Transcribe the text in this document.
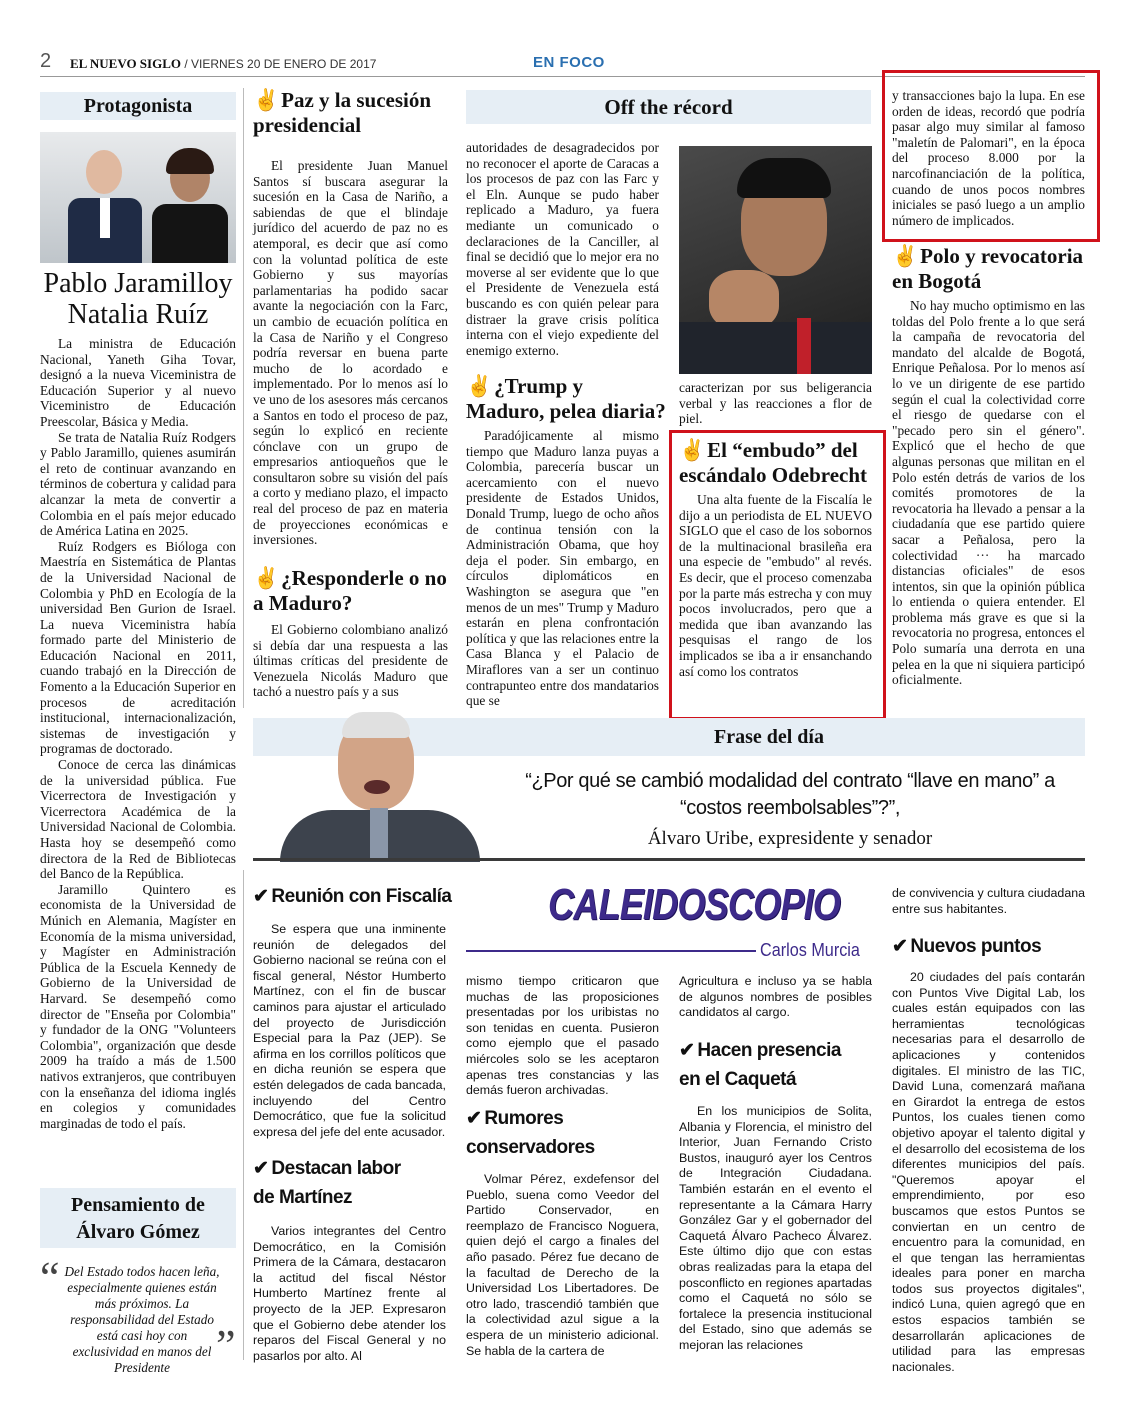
2 EL NUEVO SIGLO / VIERNES 20 DE ENERO DE 2017	EN FOCO
Protagonista
Pablo Jaramilloy Natalia Ruíz

La ministra de Educación Nacional, Yaneth Giha Tovar, designó a la nueva Viceministra de Educación Superior y al nuevo Viceministro de Educación Preescolar, Básica y Media.

Se trata de Natalia Ruíz Rodgers y Pablo Jaramillo, quienes asumirán el reto de continuar avanzando en términos de cobertura y calidad para alcanzar la meta de convertir a Colombia en el país mejor educado de América Latina en 2025.

Ruíz Rodgers es Bióloga con Maestría en Sistemática de Plantas de la Universidad Nacional de Colombia y PhD en Ecología de la universidad Ben Gurion de Israel. La nueva Viceministra había formado parte del Ministerio de Educación Nacional en 2011, cuando trabajó en la Dirección de Fomento a la Educación Superior en procesos de acreditación institucional, internacionalización, sistemas de investigación y programas de doctorado.

Conoce de cerca las dinámicas de la universidad pública. Fue Vicerrectora de Investigación y Vicerrectora Académica de la Universidad Nacional de Colombia. Hasta hoy se desempeñó como directora de la Red de Bibliotecas del Banco de la República.

Jaramillo Quintero es economista de la Universidad de Múnich en Alemania, Magíster en Economía de la misma universidad, y Magíster en Administración Pública de la Escuela Kennedy de Gobierno de la Universidad de Harvard. Se desempeñó como director de "Enseña por Colombia" y fundador de la ONG "Volunteers Colombia", organización que desde 2009 ha traído a más de 1.500 nativos extranjeros, que contribuyen con la enseñanza del idioma inglés en colegios y comunidades marginadas de todo el país.

Pensamiento de Álvaro Gómez
“ Del Estado todos hacen leña, especialmente quienes están más próximos. La responsabilidad del Estado está casi hoy con exclusividad en manos del Presidente	”
✌Paz y la sucesión presidencial

El presidente Juan Manuel Santos sí buscara asegurar la sucesión en la Casa de Nariño, a sabiendas de que el blindaje jurídico del acuerdo de paz no es atemporal, es decir que así como con la voluntad política de este Gobierno y sus mayorías parlamentarias ha podido sacar avante la negociación con la Farc, un cambio de ecuación política en la Casa de Nariño y el Congreso podría reversar en buena parte mucho de lo acordado e implementado. Por lo menos así lo ve uno de los asesores más cercanos a Santos en todo el proceso de paz, según lo explicó en reciente cónclave con un grupo de empresarios antioqueños que le consultaron sobre su visión del país a corto y mediano plazo, el impacto real del proceso de paz en materia de proyecciones económicas e inversiones.

✌¿Responderle o no a Maduro?

El Gobierno colombiano analizó si debía dar una respuesta a las últimas críticas del presidente de Venezuela Nicolás Maduro que tachó a nuestro país y a sus

Off the récord

autoridades de desagradecidos por no reconocer el aporte de Caracas a los procesos de paz con las Farc y el Eln. Aunque se pudo haber replicado a Maduro, ya fuera mediante un comunicado o declaraciones de la Canciller, al final se decidió que lo mejor era no moverse al ser evidente que lo que el Presidente de Venezuela está buscando es con quién pelear para distraer la grave crisis política interna con el viejo expediente del enemigo externo.

✌¿Trump y Maduro, pelea diaria?

Paradójicamente al mismo tiempo que Maduro lanza puyas a Colombia, parecería buscar un acercamiento con el nuevo presidente de Estados Unidos, Donald Trump, luego de ocho años de continua tensión con la Administración Obama, que hoy deja el poder. Sin embargo, en círculos diplomáticos en Washington se asegura que "en menos de un mes" Trump y Maduro estarán en plena confrontación política y que las relaciones entre la Casa Blanca y el Palacio de Miraflores van a ser un continuo contrapunteo entre dos mandatarios que se

caracterizan por sus beligerancia verbal y las reacciones a flor de piel.

✌El “embudo” del escándalo Odebrecht

Una alta fuente de la Fiscalía le dijo a un periodista de EL NUEVO SIGLO que el caso de los sobornos de la multinacional brasileña era una especie de "embudo" al revés. Es decir, que el proceso comenzaba por la parte más estrecha y con muy pocos involucrados, pero que a medida que iban avanzando las pesquisas el rango de los implicados se iba a ir ensanchando así como los contratos

y transacciones bajo la lupa. En ese orden de ideas, recordó que podría pasar algo muy similar al famoso "maletín de Palomari", en la época del proceso 8.000 por la narcofinanciación de la política, cuando de unos pocos nombres iniciales se pasó luego a un amplio número de implicados.

✌Polo y revocatoria en Bogotá

No hay mucho optimismo en las toldas del Polo frente a lo que será la campaña de revocatoria del mandato del alcalde de Bogotá, Enrique Peñalosa. Por lo menos así lo ve un dirigente de ese partido según el cual la colectividad corre el riesgo de quedarse con el "pecado pero sin el género". Explicó que el hecho de que algunas personas que militan en el Polo estén detrás de varios de los comités promotores de la revocatoria ha llevado a pensar a la ciudadanía que ese partido quiere sacar a Peñalosa, pero la colectividad ··· ha marcado distancias oficiales" de esos intentos, sin que la opinión pública lo entienda o quiera entender. El problema más grave es que si la revocatoria no progresa, entonces el Polo sumaría una derrota en una pelea en la que ni siquiera participó oficialmente.

Frase del día
“¿Por qué se cambió modalidad del contrato “llave en mano” a “costos reembolsables”?”,
Álvaro Uribe, expresidente y senador
CALEIDOSCOPIO
Carlos Murcia
✔ Reunión con Fiscalía

Se espera que una inminente reunión de delegados del Gobierno nacional se reúna con el fiscal general, Néstor Humberto Martínez, con el fin de buscar caminos para ajustar el articulado del proyecto de Jurisdicción Especial para la Paz (JEP). Se afirma en los corrillos políticos que en dicha reunión se espera que estén delegados de cada bancada, incluyendo del Centro Democrático, que fue la solicitud expresa del jefe del ente acusador.

✔ Destacan labor
de Martínez

Varios integrantes del Centro Democrático, en la Comisión Primera de la Cámara, destacaron la actitud del fiscal Néstor Humberto Martínez frente al proyecto de la JEP. Expresaron que el Gobierno debe atender los reparos del Fiscal General y no pasarlos por alto. Al

mismo tiempo criticaron que muchas de las proposiciones presentadas por los uribistas no son tenidas en cuenta. Pusieron como ejemplo que el pasado miércoles solo se les aceptaron apenas tres constancias y las demás fueron archivadas.

✔ Rumores
conservadores

Volmar Pérez, exdefensor del Pueblo, suena como Veedor del Partido Conservador, en reemplazo de Francisco Noguera, quien dejó el cargo a finales del año pasado. Pérez fue decano de la facultad de Derecho de la Universidad Los Libertadores. De otro lado, trascendió también que la colectividad azul sigue a la espera de un ministerio adicional. Se habla de la cartera de

Agricultura e incluso ya se habla de algunos nombres de posibles candidatos al cargo.

✔ Hacen presencia
en el Caquetá

En los municipios de Solita, Albania y Florencia, el ministro del Interior, Juan Fernando Cristo Bustos, inauguró ayer los Centros de Integración Ciudadana. También estarán en el evento el representante a la Cámara Harry González Gar y el gobernador del Caquetá Álvaro Pacheco Álvarez. Este último dijo que con estas obras realizadas para la etapa del posconflicto en regiones apartadas como el Caquetá no sólo se fortalece la presencia institucional del Estado, sino que además se mejoran las relaciones

de convivencia y cultura ciudadana entre sus habitantes.

✔ Nuevos puntos

20 ciudades del país contarán con Puntos Vive Digital Lab, los cuales están equipados con las herramientas tecnológicas necesarias para el desarrollo de aplicaciones y contenidos digitales. El ministro de las TIC, David Luna, comenzará mañana en Girardot la entrega de estos Puntos, los cuales tienen como objetivo apoyar el talento digital y el desarrollo del ecosistema de los diferentes municipios del país. "Queremos apoyar el emprendimiento, por eso buscamos que estos Puntos se conviertan en un centro de encuentro para la comunidad, en el que tengan las herramientas ideales para poner en marcha todos sus proyectos digitales", indicó Luna, quien agregó que en estos espacios también se desarrollarán aplicaciones de utilidad para las empresas nacionales.
